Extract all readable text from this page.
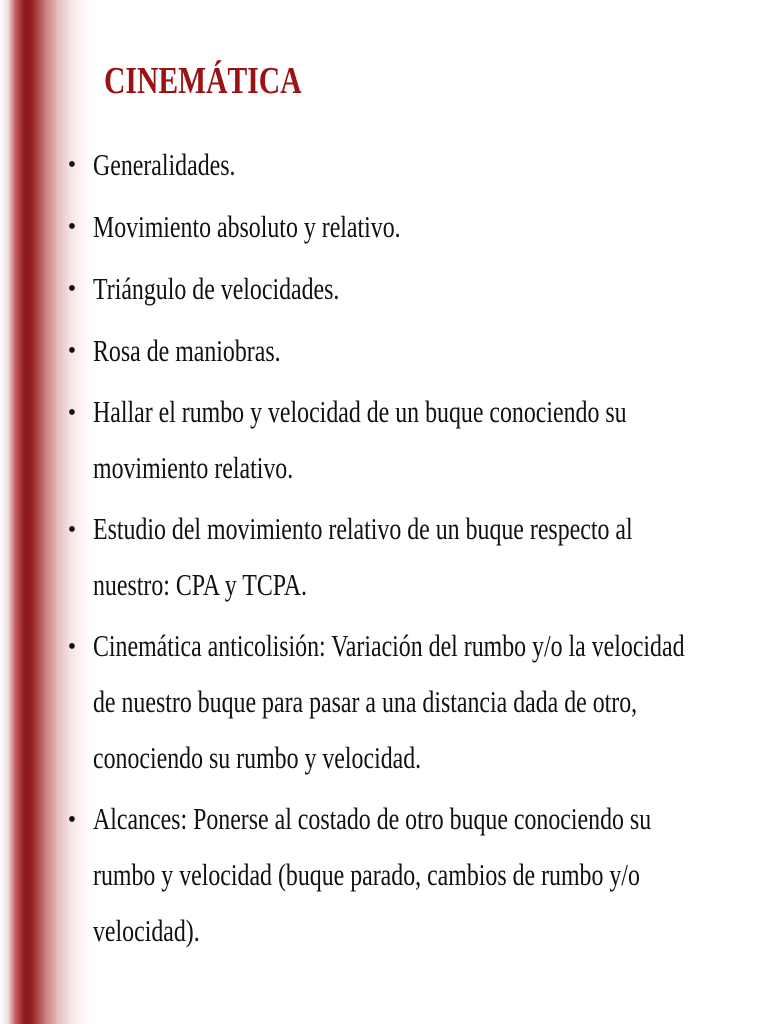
CINEMÁTICA
• Generalidades.
• Movimiento absoluto y relativo.
• Triángulo de velocidades.
• Rosa de maniobras.
• Hallar el rumbo y velocidad de un buque conociendo su movimiento relativo.
• Estudio del movimiento relativo de un buque respecto al nuestro: CPA y TCPA.
• Cinemática anticolisión: Variación del rumbo y/o la velocidad de nuestro buque para pasar a una distancia dada de otro, conociendo su rumbo y velocidad.
• Alcances: Ponerse al costado de otro buque conociendo su rumbo y velocidad (buque parado, cambios de rumbo y/o velocidad).
